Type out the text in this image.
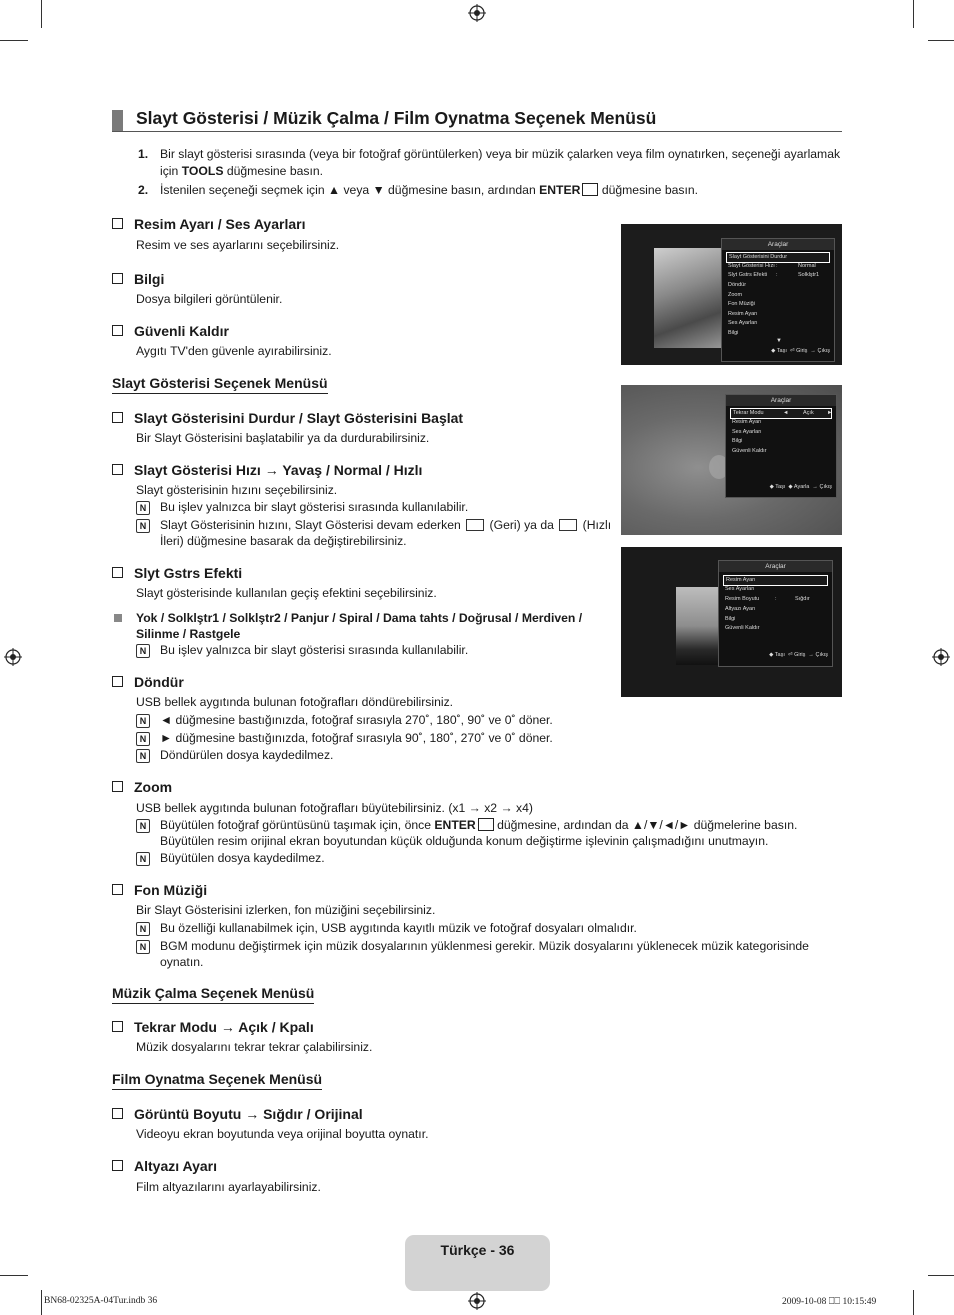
Slayt Gösterisi / Müzik Çalma / Film Oynatma Seçenek Menüsü
1. Bir slayt gösterisi sırasında (veya bir fotoğraf görüntülerken) veya bir müzik çalarken veya film oynatırken, seçeneği ayarlamak
için TOOLS düğmesine basın.
2. İstenilen seçeneği seçmek için ▲ veya ▼ düğmesine basın, ardından ENTER düğmesine basın.
Resim Ayarı / Ses Ayarları
Resim ve ses ayarlarını seçebilirsiniz.
Bilgi
Dosya bilgileri görüntülenir.
Güvenli Kaldır
Aygıtı TV'den güvenle ayırabilirsiniz.
Slayt Gösterisi Seçenek Menüsü
Slayt Gösterisini Durdur / Slayt Gösterisini Başlat
Bir Slayt Gösterisini başlatabilir ya da durdurabilirsiniz.
Slayt Gösterisi Hızı → Yavaş / Normal / Hızlı
Slayt gösterisinin hızını seçebilirsiniz.
N	Bu işlev yalnızca bir slayt gösterisi sırasında kullanılabilir.
N	Slayt Gösterisinin hızını, Slayt Gösterisi devam ederken (Geri) ya da (Hızlı
İleri) düğmesine basarak da değiştirebilirsiniz.
Slyt Gstrs Efekti
Slayt gösterisinde kullanılan geçiş efektini seçebilirsiniz.
Yok / Solklştr1 / Solklştr2 / Panjur / Spiral / Dama tahts / Doğrusal / Merdiven /
Silinme / Rastgele
N	Bu işlev yalnızca bir slayt gösterisi sırasında kullanılabilir.
Döndür
USB bellek aygıtında bulunan fotoğrafları döndürebilirsiniz.
N	◄ düğmesine bastığınızda, fotoğraf sırasıyla 270˚, 180˚, 90˚ ve 0˚ döner.
N	► düğmesine bastığınızda, fotoğraf sırasıyla 90˚, 180˚, 270˚ ve 0˚ döner.
N	Döndürülen dosya kaydedilmez.
Zoom
USB bellek aygıtında bulunan fotoğrafları büyütebilirsiniz. (x1 → x2 → x4)
N	Büyütülen fotoğraf görüntüsünü taşımak için, önce ENTER düğmesine, ardından da ▲/▼/◄/► düğmelerine basın.
Büyütülen resim orijinal ekran boyutundan küçük olduğunda konum değiştirme işlevinin çalışmadığını unutmayın.
N	Büyütülen dosya kaydedilmez.
Fon Müziği
Bir Slayt Gösterisini izlerken, fon müziğini seçebilirsiniz.
N	Bu özelliği kullanabilmek için, USB aygıtında kayıtlı müzik ve fotoğraf dosyaları olmalıdır.
N	BGM modunu değiştirmek için müzik dosyalarının yüklenmesi gerekir. Müzik dosyalarını yüklenecek müzik kategorisinde
oynatın.
Müzik Çalma Seçenek Menüsü
Tekrar Modu → Açık / Kpalı
Müzik dosyalarını tekrar tekrar çalabilirsiniz.
Film Oynatma Seçenek Menüsü
Görüntü Boyutu → Sığdır / Orijinal
Videoyu ekran boyutunda veya orijinal boyutta oynatır.
Altyazı Ayarı
Film altyazılarını ayarlayabilirsiniz.
Araçlar
Slayt Gösterisini Durdur
Slayt Gösterisi Hızı :	Normal
Slyt Gstrs Efekti :	Solklştr1
Döndür
Zoom
Fon Müziği
Resim Ayarı
Ses Ayarları
Bilgi
▼
◆ Taşı  ⏎ Giriş  → Çıkış
Araçlar
Tekrar Modu	◄	Açık ►
Resim Ayarı
Ses Ayarları
Bilgi
Güvenli Kaldır
◆ Taşı  ◆ Ayarla  → Çıkış
Araçlar
Resim Ayarı
Ses Ayarları
Resim Boyutu	:	Sığdır
Altyazı Ayarı
Bilgi
Güvenli Kaldır
◆ Taşı  ⏎ Giriş  → Çıkış
Türkçe - 36
BN68-02325A-04Tur.indb 36	2009-10-08 ⎕⎕ 10:15:49
